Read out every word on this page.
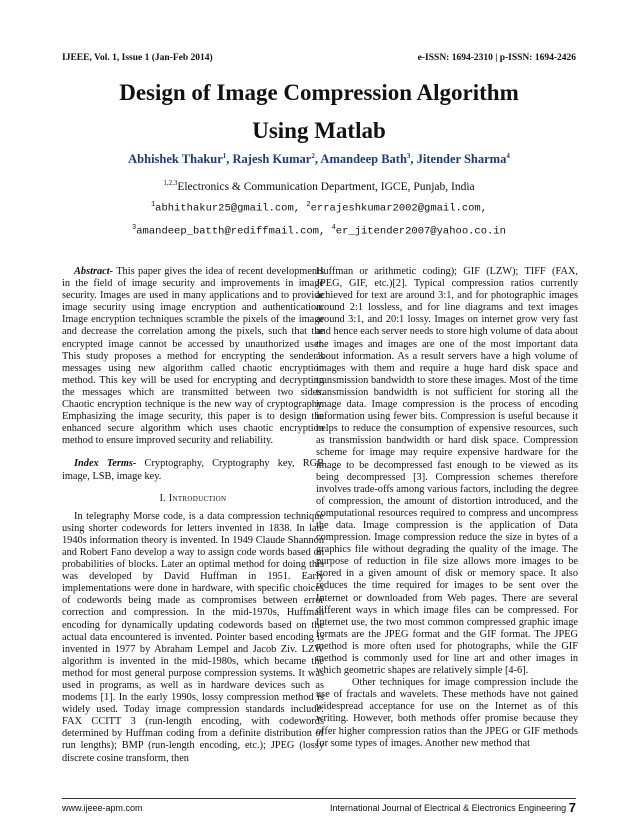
IJEEE, Vol. 1, Issue 1 (Jan-Feb 2014)	e-ISSN: 1694-2310 | p-ISSN: 1694-2426
Design of Image Compression Algorithm
Using Matlab
Abhishek Thakur$^1$, Rajesh Kumar$^2$, Amandeep Bath$^3$, Jitender Sharma$^4$
$^{1,2,3}$Electronics & Communication Department, IGCE, Punjab, India
$^1$abhithakur25@gmail.com, $^2$errajeshkumar2002@gmail.com,
$^3$amandeep_batth@rediffmail.com, $^4$er_jitender2007@yahoo.co.in

Abstract- This paper gives the idea of recent developments in the field of image security and improvements in image security. Images are used in many applications and to provide image security using image encryption and authentication. Image encryption techniques scramble the pixels of the image and decrease the correlation among the pixels, such that the encrypted image cannot be accessed by unauthorized user. This study proposes a method for encrypting the sender’s messages using new algorithm called chaotic encryption method. This key will be used for encrypting and decrypting the messages which are transmitted between two sides. Chaotic encryption technique is the new way of cryptography. Emphasizing the image security, this paper is to design the enhanced secure algorithm which uses chaotic encryption method to ensure improved security and reliability.

Index Terms- Cryptography, Cryptography key, RGB image, LSB, image key.

I. Introduction

In telegraphy Morse code, is a data compression technique using shorter codewords for letters invented in 1838. In late 1940s information theory is invented. In 1949 Claude Shannon and Robert Fano develop a way to assign code words based on probabilities of blocks. Later an optimal method for doing this was developed by David Huffman in 1951. Early implementations were done in hardware, with specific choices of codewords being made as compromises between error correction and compression. In the mid-1970s, Huffman encoding for dynamically updating codewords based on the actual data encountered is invented. Pointer based encoding is invented in 1977 by Abraham Lempel and Jacob Ziv. LZW algorithm is invented in the mid-1980s, which became the method for most general purpose compression systems. It was used in programs, as well as in hardware devices such as modems [1]. In the early 1990s, lossy compression method is widely used. Today image compression standards include: FAX CCITT 3 (run-length encoding, with codewords determined by Huffman coding from a definite distribution of run lengths); BMP (run-length encoding, etc.); JPEG (lossy discrete cosine transform, then

Huffman or arithmetic coding); GIF (LZW); TIFF (FAX, JPEG, GIF, etc.)[2]. Typical compression ratios currently achieved for text are around 3:1, and for photographic images around 2:1 lossless, and for line diagrams and text images around 3:1, and 20:1 lossy. Images on internet grow very fast and hence each server needs to store high volume of data about the images and images are one of the most important data about information. As a result servers have a high volume of images with them and require a huge hard disk space and transmission bandwidth to store these images. Most of the time transmission bandwidth is not sufficient for storing all the image data. Image compression is the process of encoding information using fewer bits. Compression is useful because it helps to reduce the consumption of expensive resources, such as transmission bandwidth or hard disk space. Compression scheme for image may require expensive hardware for the image to be decompressed fast enough to be viewed as its being decompressed [3]. Compression schemes therefore involves trade-offs among various factors, including the degree of compression, the amount of distortion introduced, and the computational resources required to compress and uncompress the data. Image compression is the application of Data compression. Image compression reduce the size in bytes of a graphics file without degrading the quality of the image. The purpose of reduction in file size allows more images to be stored in a given amount of disk or memory space. It also reduces the time required for images to be sent over the Internet or downloaded from Web pages. There are several different ways in which image files can be compressed. For Internet use, the two most common compressed graphic image formats are the JPEG format and the GIF format. The JPEG method is more often used for photographs, while the GIF method is commonly used for line art and other images in which geometric shapes are relatively simple [4-6].

Other techniques for image compression include the use of fractals and wavelets. These methods have not gained widespread acceptance for use on the Internet as of this writing. However, both methods offer promise because they offer higher compression ratios than the JPEG or GIF methods for some types of images. Another new method that

www.ijeee-apm.com	International Journal of Electrical & Electronics Engineering 7
